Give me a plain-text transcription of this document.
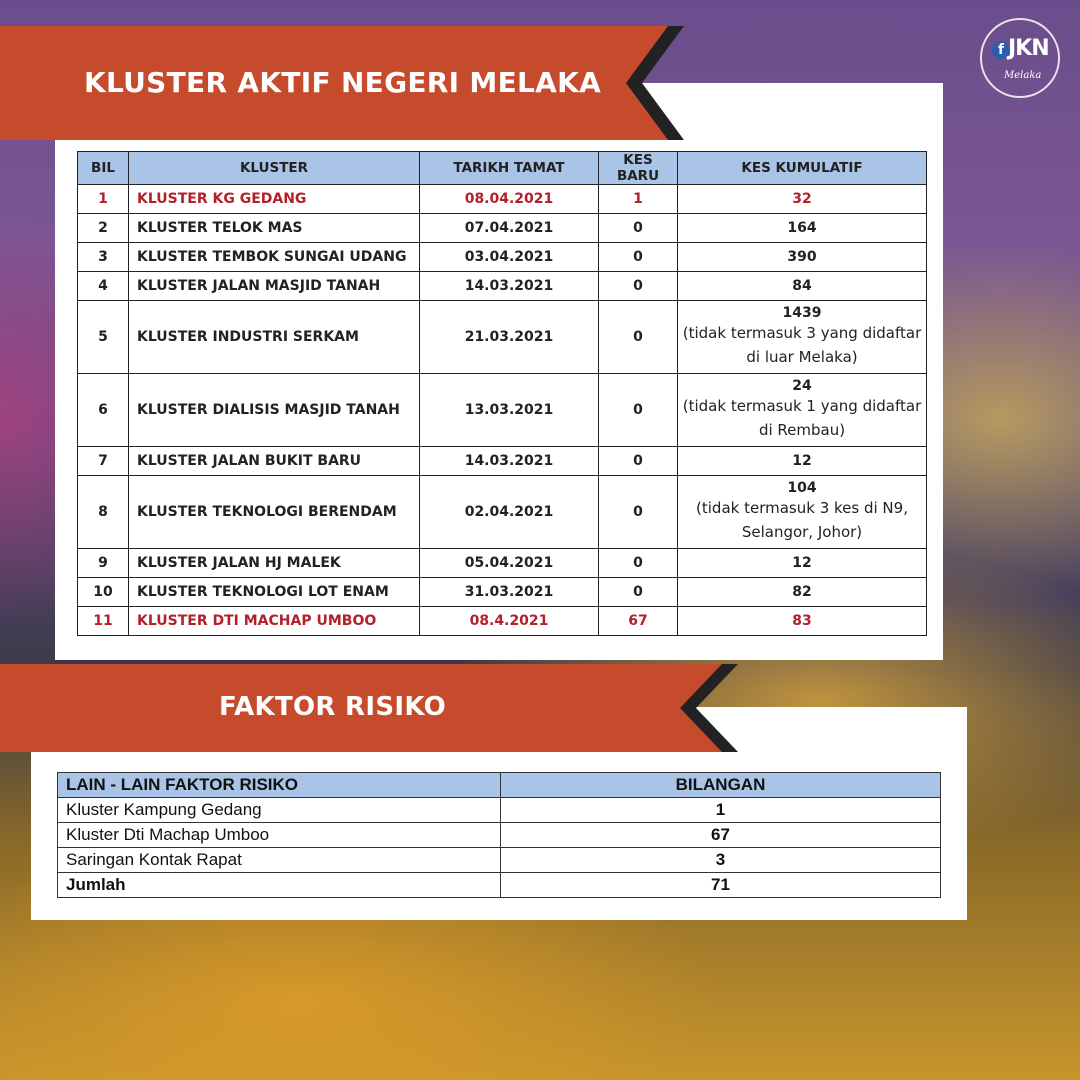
f JKN
Melaka
KLUSTER AKTIF NEGERI MELAKA
BIL	KLUSTER	TARIKH TAMAT	KES BARU	KES KUMULATIF
1	KLUSTER KG GEDANG	08.04.2021	1	32
2	KLUSTER TELOK MAS	07.04.2021	0	164
3	KLUSTER TEMBOK SUNGAI UDANG	03.04.2021	0	390
4	KLUSTER JALAN MASJID TANAH	14.03.2021	0	84
5	KLUSTER INDUSTRI SERKAM	21.03.2021	0	1439
(tidak termasuk 3 yang didaftar di luar Melaka)

6	KLUSTER DIALISIS MASJID TANAH	13.03.2021	0	24
(tidak termasuk 1 yang didaftar di Rembau)

7	KLUSTER JALAN BUKIT BARU	14.03.2021	0	12
8	KLUSTER TEKNOLOGI BERENDAM	02.04.2021	0	104
(tidak termasuk 3 kes di N9, Selangor, Johor)

9	KLUSTER JALAN HJ MALEK	05.04.2021	0	12
10	KLUSTER TEKNOLOGI LOT ENAM	31.03.2021	0	82
11	KLUSTER DTI MACHAP UMBOO	08.4.2021	67	83
FAKTOR RISIKO
LAIN - LAIN FAKTOR RISIKO	BILANGAN
Kluster Kampung Gedang	1
Kluster Dti Machap Umboo	67
Saringan Kontak Rapat	3
Jumlah	71
